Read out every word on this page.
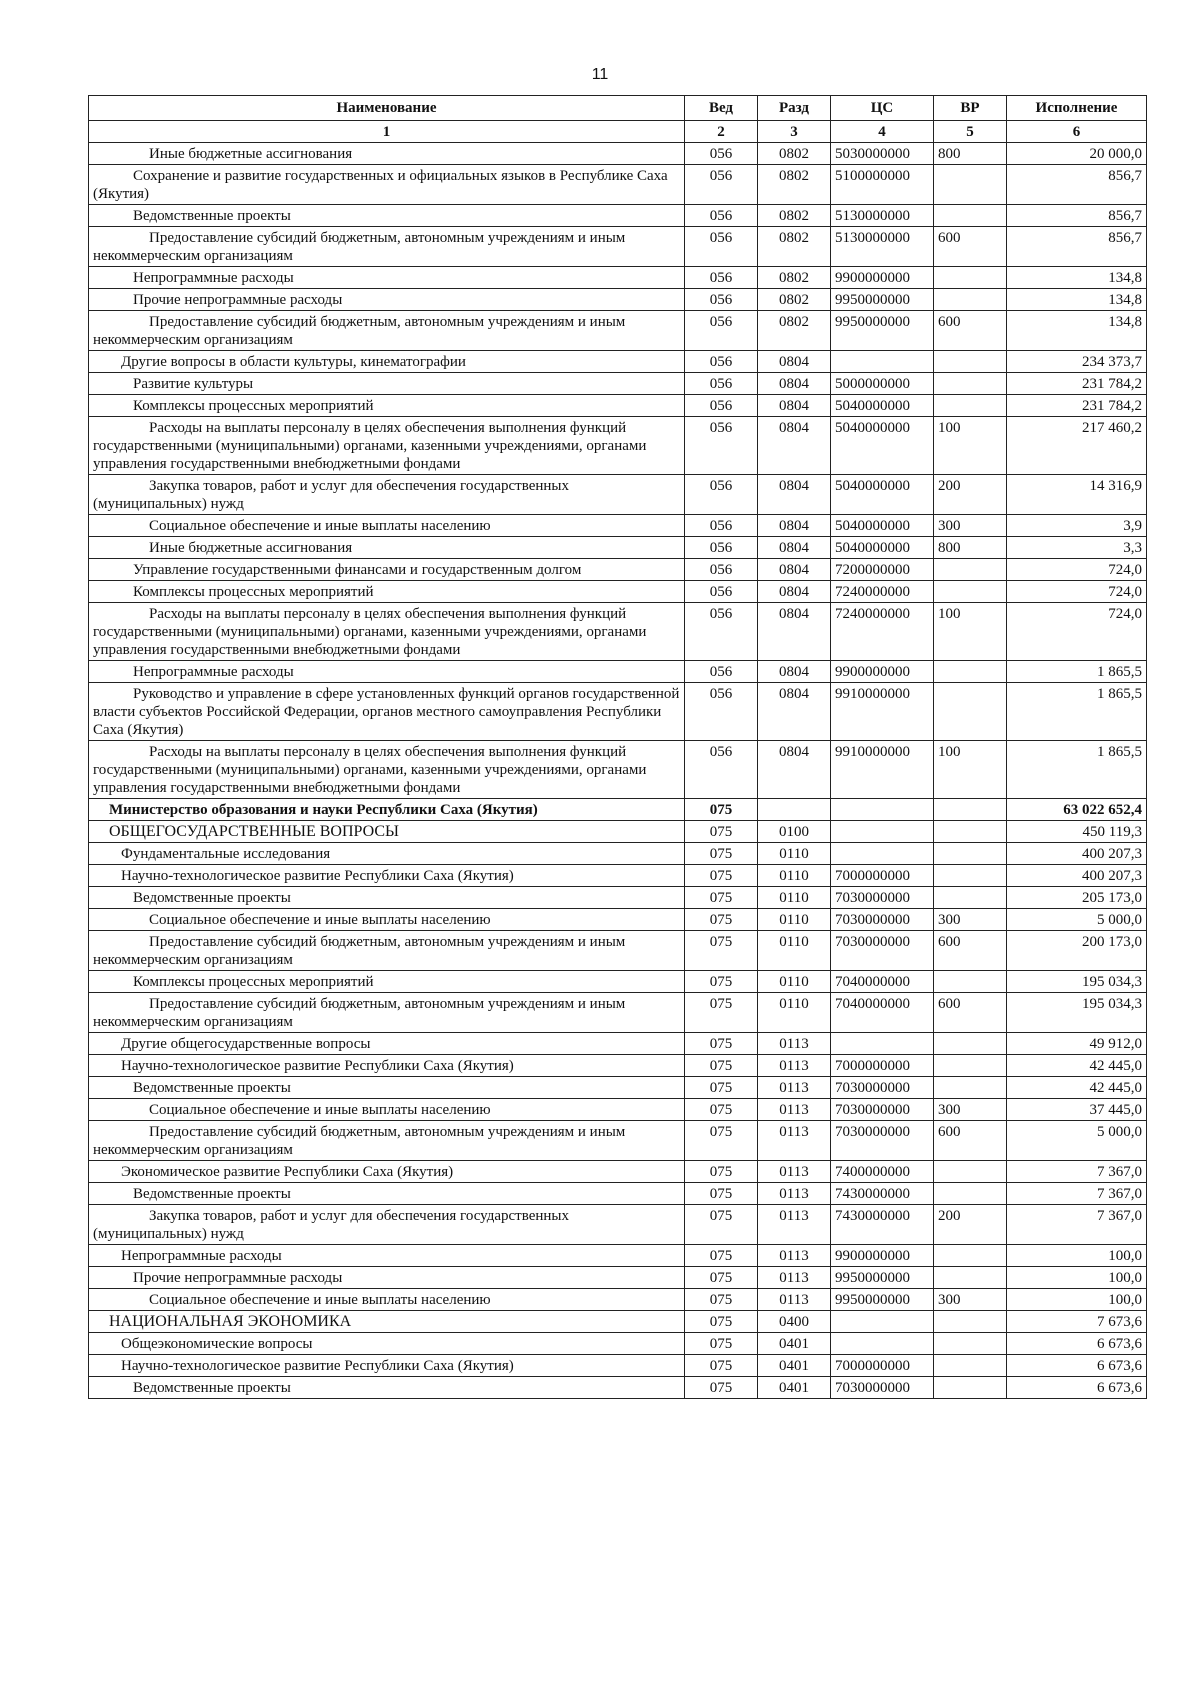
11
Наименование	Вед	Разд	ЦС	ВР	Исполнение
1	2	3	4	5	6
Иные бюджетные ассигнования	056	0802	5030000000	800	20 000,0
Сохранение и развитие государственных и официальных языков в Республике Саха (Якутия)	056	0802	5100000000		856,7
Ведомственные проекты	056	0802	5130000000		856,7
Предоставление субсидий бюджетным, автономным учреждениям и иным некоммерческим организациям	056	0802	5130000000	600	856,7
Непрограммные расходы	056	0802	9900000000		134,8
Прочие непрограммные расходы	056	0802	9950000000		134,8
Предоставление субсидий бюджетным, автономным учреждениям и иным некоммерческим организациям	056	0802	9950000000	600	134,8
Другие вопросы в области культуры, кинематографии	056	0804			234 373,7
Развитие культуры	056	0804	5000000000		231 784,2
Комплексы процессных мероприятий	056	0804	5040000000		231 784,2
Расходы на выплаты персоналу в целях обеспечения выполнения функций государственными (муниципальными) органами, казенными учреждениями, органами управления государственными внебюджетными фондами	056	0804	5040000000	100	217 460,2
Закупка товаров, работ и услуг для обеспечения государственных (муниципальных) нужд	056	0804	5040000000	200	14 316,9
Социальное обеспечение и иные выплаты населению	056	0804	5040000000	300	3,9
Иные бюджетные ассигнования	056	0804	5040000000	800	3,3
Управление государственными финансами и государственным долгом	056	0804	7200000000		724,0
Комплексы процессных мероприятий	056	0804	7240000000		724,0
Расходы на выплаты персоналу в целях обеспечения выполнения функций государственными (муниципальными) органами, казенными учреждениями, органами управления государственными внебюджетными фондами	056	0804	7240000000	100	724,0
Непрограммные расходы	056	0804	9900000000		1 865,5
Руководство и управление в сфере установленных функций органов государственной власти субъектов Российской Федерации, органов местного самоуправления Республики Саха (Якутия)	056	0804	9910000000		1 865,5
Расходы на выплаты персоналу в целях обеспечения выполнения функций государственными (муниципальными) органами, казенными учреждениями, органами управления государственными внебюджетными фондами	056	0804	9910000000	100	1 865,5
Министерство образования и науки Республики Саха (Якутия)	075				63 022 652,4
ОБЩЕГОСУДАРСТВЕННЫЕ ВОПРОСЫ	075	0100			450 119,3
Фундаментальные исследования	075	0110			400 207,3
Научно-технологическое развитие Республики Саха (Якутия)	075	0110	7000000000		400 207,3
Ведомственные проекты	075	0110	7030000000		205 173,0
Социальное обеспечение и иные выплаты населению	075	0110	7030000000	300	5 000,0
Предоставление субсидий бюджетным, автономным учреждениям и иным некоммерческим организациям	075	0110	7030000000	600	200 173,0
Комплексы процессных мероприятий	075	0110	7040000000		195 034,3
Предоставление субсидий бюджетным, автономным учреждениям и иным некоммерческим организациям	075	0110	7040000000	600	195 034,3
Другие общегосударственные вопросы	075	0113			49 912,0
Научно-технологическое развитие Республики Саха (Якутия)	075	0113	7000000000		42 445,0
Ведомственные проекты	075	0113	7030000000		42 445,0
Социальное обеспечение и иные выплаты населению	075	0113	7030000000	300	37 445,0
Предоставление субсидий бюджетным, автономным учреждениям и иным некоммерческим организациям	075	0113	7030000000	600	5 000,0
Экономическое развитие Республики Саха (Якутия)	075	0113	7400000000		7 367,0
Ведомственные проекты	075	0113	7430000000		7 367,0
Закупка товаров, работ и услуг для обеспечения государственных (муниципальных) нужд	075	0113	7430000000	200	7 367,0
Непрограммные расходы	075	0113	9900000000		100,0
Прочие непрограммные расходы	075	0113	9950000000		100,0
Социальное обеспечение и иные выплаты населению	075	0113	9950000000	300	100,0
НАЦИОНАЛЬНАЯ ЭКОНОМИКА	075	0400			7 673,6
Общеэкономические вопросы	075	0401			6 673,6
Научно-технологическое развитие Республики Саха (Якутия)	075	0401	7000000000		6 673,6
Ведомственные проекты	075	0401	7030000000		6 673,6
